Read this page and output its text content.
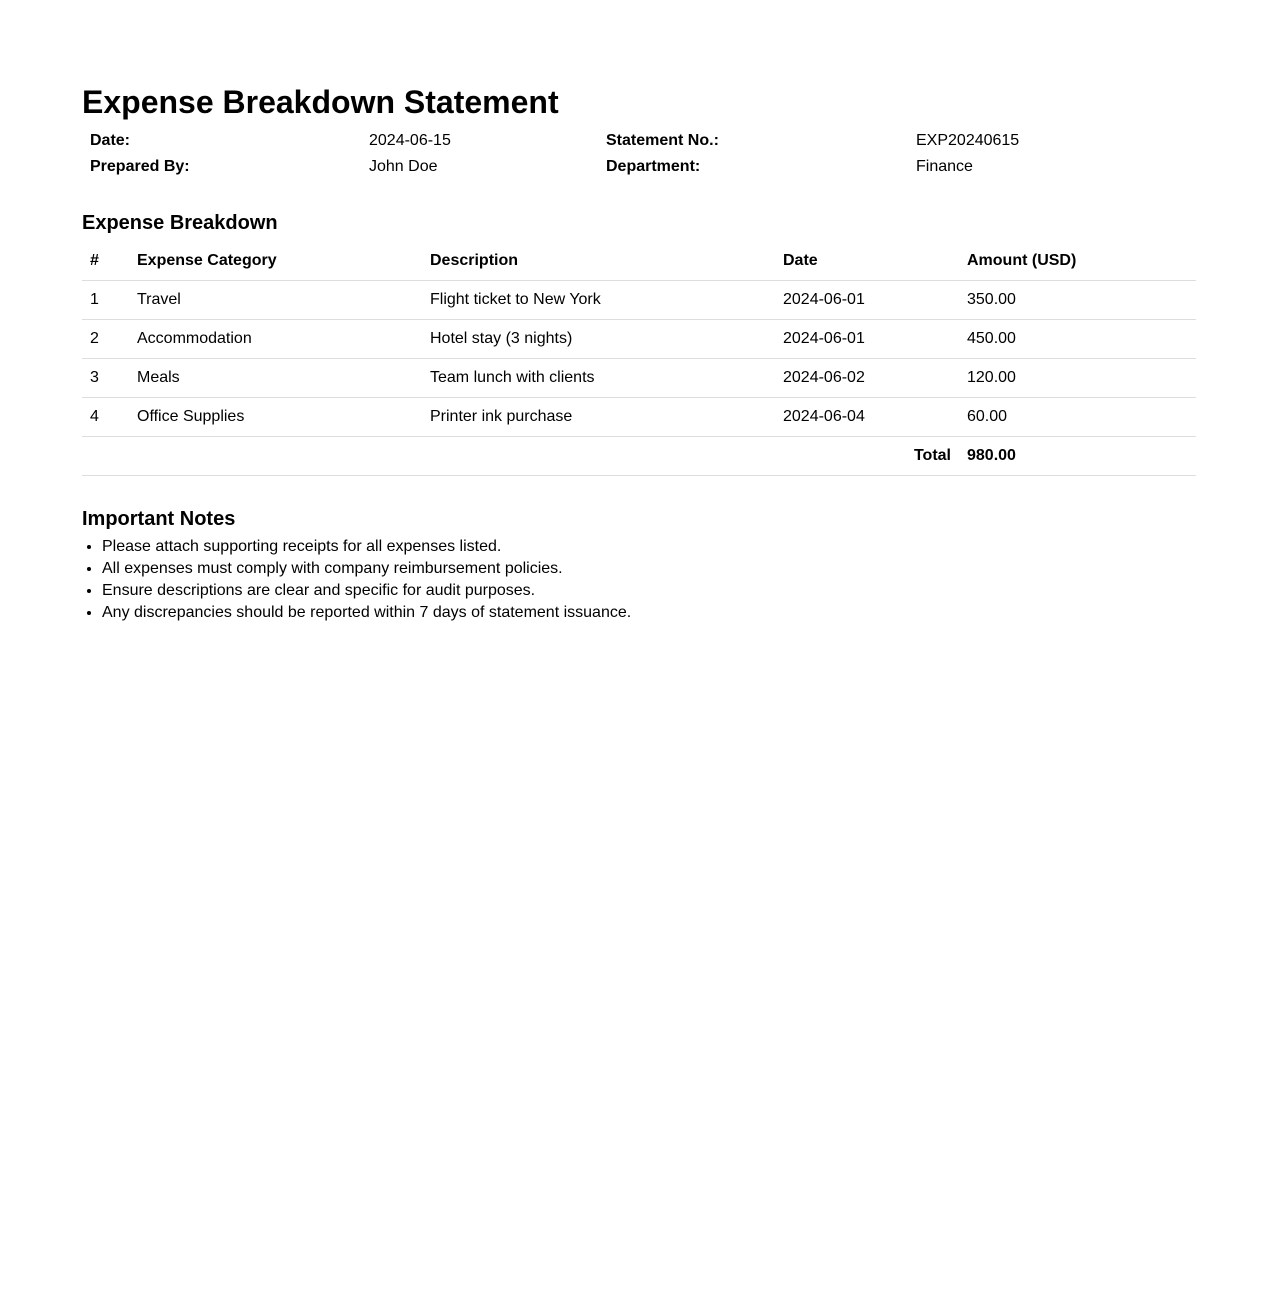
Expense Breakdown Statement
Date:	2024-06-15	Statement No.:	EXP20240615
Prepared By:	John Doe	Department:	Finance
Expense Breakdown
#	Expense Category	Description	Date	Amount (USD)
1	Travel	Flight ticket to New York	2024-06-01	350.00
2	Accommodation	Hotel stay (3 nights)	2024-06-01	450.00
3	Meals	Team lunch with clients	2024-06-02	120.00
4	Office Supplies	Printer ink purchase	2024-06-04	60.00
Total				980.00
Important Notes
• Please attach supporting receipts for all expenses listed.
• All expenses must comply with company reimbursement policies.
• Ensure descriptions are clear and specific for audit purposes.
• Any discrepancies should be reported within 7 days of statement issuance.
